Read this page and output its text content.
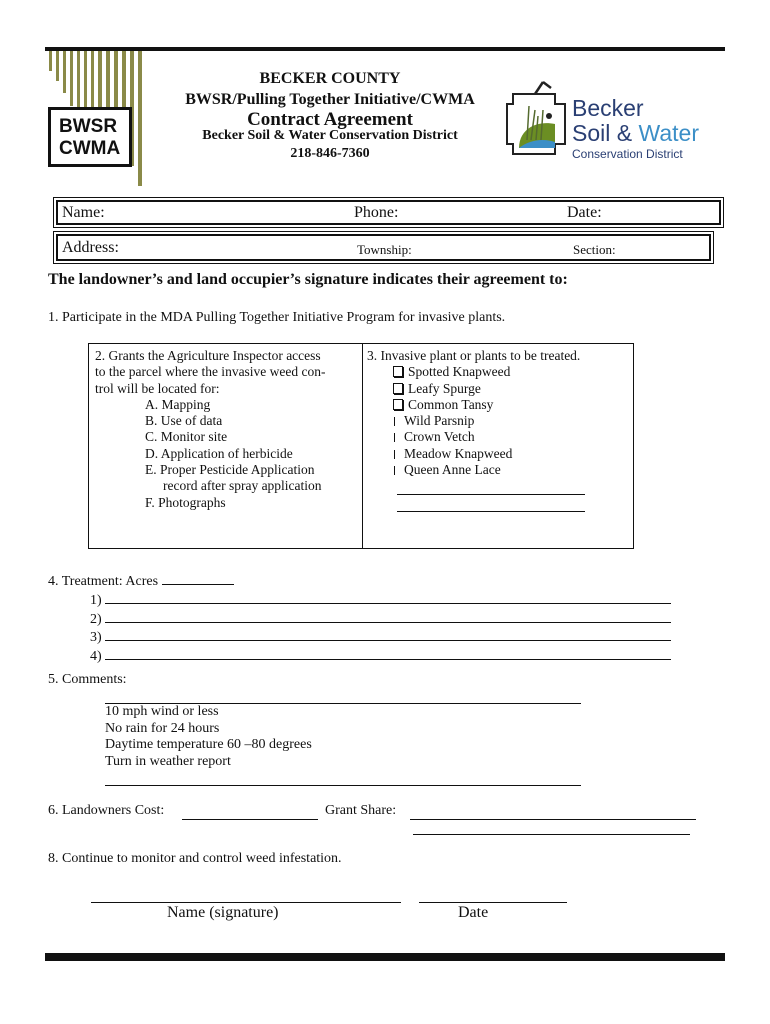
BWSR
CWMA
BECKER COUNTY
BWSR/Pulling Together Initiative/CWMA
Contract Agreement
Becker Soil & Water Conservation District
218-846-7360
Becker
Soil & Water
Conservation District
Name:	Phone:	Date:
Address:	Township:	Section:
The landowner’s and land occupier’s signature indicates their agreement to:
1. Participate in the MDA Pulling Together Initiative Program for invasive plants.
2. Grants the Agriculture Inspector access
to the parcel where the invasive weed con-
trol will be located for:
A. Mapping
B. Use of data
C. Monitor site
D. Application of herbicide
E. Proper Pesticide Application
record after spray application
F. Photographs
3. Invasive plant or plants to be treated.
Spotted Knapweed
Leafy Spurge
Common Tansy
Wild Parsnip
Crown Vetch
Meadow Knapweed
Queen Anne Lace
4. Treatment: Acres
1)
2)
3)
4)
5. Comments:
10 mph wind or less
No rain for 24 hours
Daytime temperature 60 –80 degrees
Turn in weather report
6. Landowners Cost:	Grant Share:
8. Continue to monitor and control weed infestation.
Name (signature)	Date
